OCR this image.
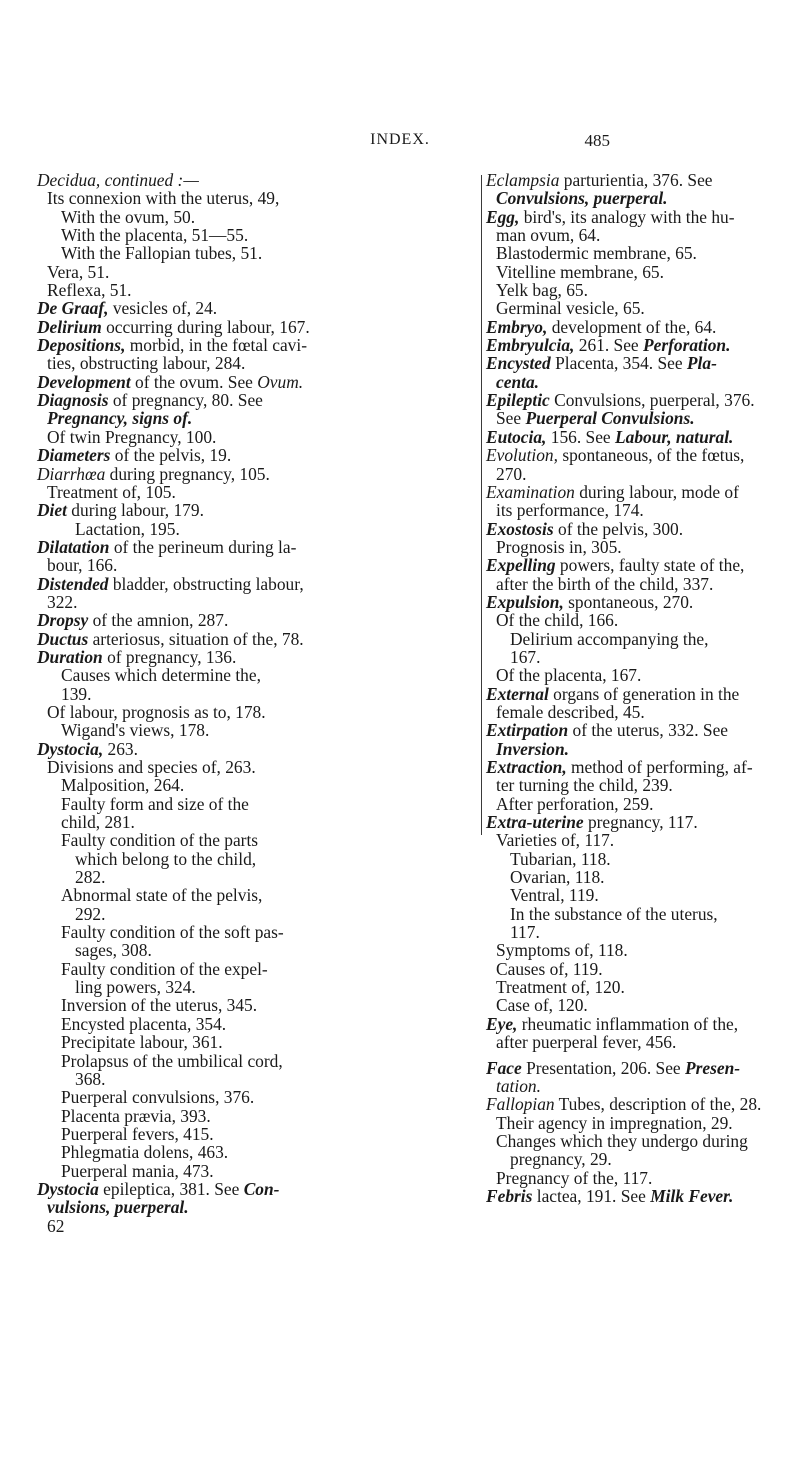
INDEX.	485
Decidua, continued :—
Its connexion with the uterus, 49,
With the ovum, 50.
With the placenta, 51—55.
With the Fallopian tubes, 51.
Vera, 51.
Reflexa, 51.
De Graaf, vesicles of, 24.
Delirium occurring during labour, 167.
Depositions, morbid, in the fœtal cavi-
ties, obstructing labour, 284.
Development of the ovum. See Ovum.
Diagnosis of pregnancy, 80. See
Pregnancy, signs of.
Of twin Pregnancy, 100.
Diameters of the pelvis, 19.
Diarrhœa during pregnancy, 105.
Treatment of, 105.
Diet during labour, 179.
Lactation, 195.
Dilatation of the perineum during la-
bour, 166.
Distended bladder, obstructing labour,
322.
Dropsy of the amnion, 287.
Ductus arteriosus, situation of the, 78.
Duration of pregnancy, 136.
Causes which determine the,
139.
Of labour, prognosis as to, 178.
Wigand's views, 178.
Dystocia, 263.
Divisions and species of, 263.
Malposition, 264.
Faulty form and size of the
child, 281.
Faulty condition of the parts
which belong to the child,
282.
Abnormal state of the pelvis,
292.
Faulty condition of the soft pas-
sages, 308.
Faulty condition of the expel-
ling powers, 324.
Inversion of the uterus, 345.
Encysted placenta, 354.
Precipitate labour, 361.
Prolapsus of the umbilical cord,
368.
Puerperal convulsions, 376.
Placenta prævia, 393.
Puerperal fevers, 415.
Phlegmatia dolens, 463.
Puerperal mania, 473.
Dystocia epileptica, 381. See Con-
vulsions, puerperal.
62
Eclampsia parturientia, 376. See
Convulsions, puerperal.
Egg, bird's, its analogy with the hu-
man ovum, 64.
Blastodermic membrane, 65.
Vitelline membrane, 65.
Yelk bag, 65.
Germinal vesicle, 65.
Embryo, development of the, 64.
Embryulcia, 261. See Perforation.
Encysted Placenta, 354. See Pla-
centa.
Epileptic Convulsions, puerperal, 376.
See Puerperal Convulsions.
Eutocia, 156. See Labour, natural.
Evolution, spontaneous, of the fœtus,
270.
Examination during labour, mode of
its performance, 174.
Exostosis of the pelvis, 300.
Prognosis in, 305.
Expelling powers, faulty state of the,
after the birth of the child, 337.
Expulsion, spontaneous, 270.
Of the child, 166.
Delirium accompanying the,
167.
Of the placenta, 167.
External organs of generation in the
female described, 45.
Extirpation of the uterus, 332. See
Inversion.
Extraction, method of performing, af-
ter turning the child, 239.
After perforation, 259.
Extra-uterine pregnancy, 117.
Varieties of, 117.
Tubarian, 118.
Ovarian, 118.
Ventral, 119.
In the substance of the uterus,
117.
Symptoms of, 118.
Causes of, 119.
Treatment of, 120.
Case of, 120.
Eye, rheumatic inflammation of the,
after puerperal fever, 456.
Face Presentation, 206. See Presen-
tation.
Fallopian Tubes, description of the, 28.
Their agency in impregnation, 29.
Changes which they undergo during
pregnancy, 29.
Pregnancy of the, 117.
Febris lactea, 191. See Milk Fever.
